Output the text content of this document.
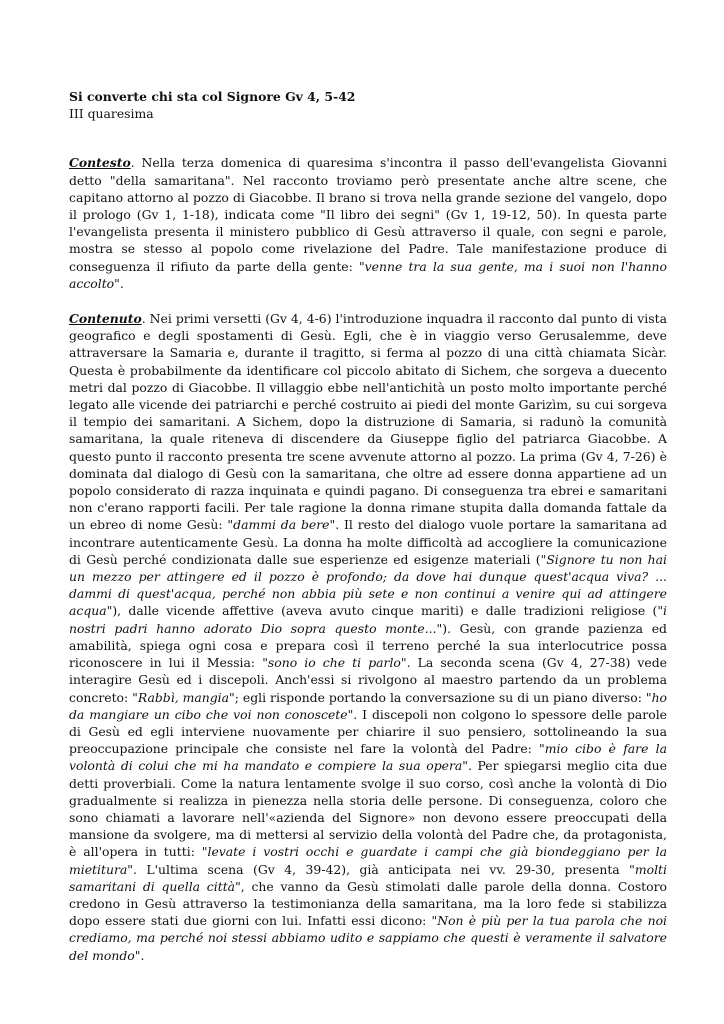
Si converte chi sta col Signore Gv 4, 5-42
III quaresima

Contesto. Nella terza domenica di quaresima s'incontra il passo dell'evangelista Giovanni detto "della samaritana". Nel racconto troviamo però presentate anche altre scene, che capitano attorno al pozzo di Giacobbe. Il brano si trova nella grande sezione del vangelo, dopo il prologo (Gv 1, 1-18), indicata come "Il libro dei segni" (Gv 1, 19-12, 50). In questa parte l'evangelista presenta il ministero pubblico di Gesù attraverso il quale, con segni e parole, mostra se stesso al popolo come rivelazione del Padre. Tale manifestazione produce di conseguenza il rifiuto da parte della gente: "venne tra la sua gente, ma i suoi non l'hanno accolto".

Contenuto. Nei primi versetti (Gv 4, 4-6) l'introduzione inquadra il racconto dal punto di vista geografico e degli spostamenti di Gesù. Egli, che è in viaggio verso Gerusalemme, deve attraversare la Samaria e, durante il tragitto, si ferma al pozzo di una città chiamata Sicàr. Questa è probabilmente da identificare col piccolo abitato di Sichem, che sorgeva a duecento metri dal pozzo di Giacobbe. Il villaggio ebbe nell'antichità un posto molto importante perché legato alle vicende dei patriarchi e perché costruito ai piedi del monte Garizìm, su cui sorgeva il tempio dei samaritani. A Sichem, dopo la distruzione di Samaria, si radunò la comunità samaritana, la quale riteneva di discendere da Giuseppe figlio del patriarca Giacobbe. A questo punto il racconto presenta tre scene avvenute attorno al pozzo. La prima (Gv 4, 7-26) è dominata dal dialogo di Gesù con la samaritana, che oltre ad essere donna appartiene ad un popolo considerato di razza inquinata e quindi pagano. Di conseguenza tra ebrei e samaritani non c'erano rapporti facili. Per tale ragione la donna rimane stupita dalla domanda fattale da un ebreo di nome Gesù: "dammi da bere". Il resto del dialogo vuole portare la samaritana ad incontrare autenticamente Gesù. La donna ha molte difficoltà ad accogliere la comunicazione di Gesù perché condizionata dalle sue esperienze ed esigenze materiali ("Signore tu non hai un mezzo per attingere ed il pozzo è profondo; da dove hai dunque quest'acqua viva? ... dammi di quest'acqua, perché non abbia più sete e non continui a venire qui ad attingere acqua"), dalle vicende affettive (aveva avuto cinque mariti) e dalle tradizioni religiose ("i nostri padri hanno adorato Dio sopra questo monte..."). Gesù, con grande pazienza ed amabilità, spiega ogni cosa e prepara così il terreno perché la sua interlocutrice possa riconoscere in lui il Messia: "sono io che ti parlo". La seconda scena (Gv 4, 27-38) vede interagire Gesù ed i discepoli. Anch'essi si rivolgono al maestro partendo da un problema concreto: "Rabbì, mangia"; egli risponde portando la conversazione su di un piano diverso: "ho da mangiare un cibo che voi non conoscete". I discepoli non colgono lo spessore delle parole di Gesù ed egli interviene nuovamente per chiarire il suo pensiero, sottolineando la sua preoccupazione principale che consiste nel fare la volontà del Padre: "mio cibo è fare la volontà di colui che mi ha mandato e compiere la sua opera". Per spiegarsi meglio cita due detti proverbiali. Come la natura lentamente svolge il suo corso, così anche la volontà di Dio gradualmente si realizza in pienezza nella storia delle persone. Di conseguenza, coloro che sono chiamati a lavorare nell'«azienda del Signore» non devono essere preoccupati della mansione da svolgere, ma di mettersi al servizio della volontà del Padre che, da protagonista, è all'opera in tutti: "levate i vostri occhi e guardate i campi che già biondeggiano per la mietitura". L'ultima scena (Gv 4, 39-42), già anticipata nei vv. 29-30, presenta "molti samaritani di quella città", che vanno da Gesù stimolati dalle parole della donna. Costoro credono in Gesù attraverso la testimonianza della samaritana, ma la loro fede si stabilizza dopo essere stati due giorni con lui. Infatti essi dicono: "Non è più per la tua parola che noi crediamo, ma perché noi stessi abbiamo udito e sappiamo che questi è veramente il salvatore del mondo".
